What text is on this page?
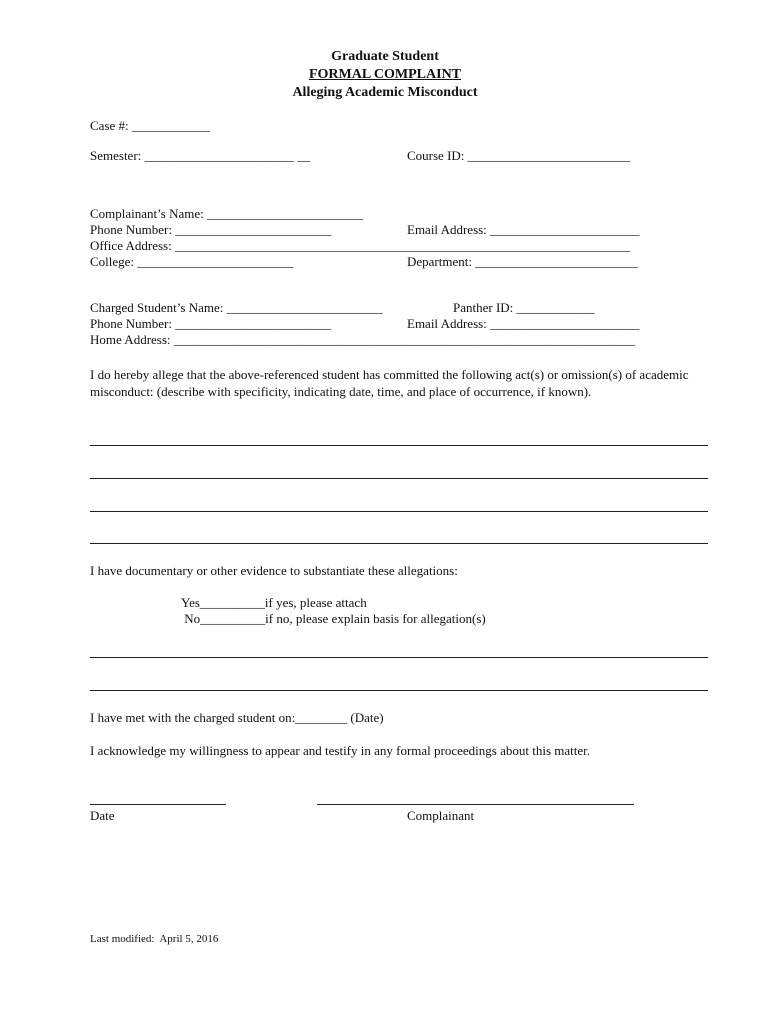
Graduate Student
FORMAL COMPLAINT
Alleging Academic Misconduct
Case #: ____________
Semester: _______________________ __	Course ID: _________________________
Complainant’s Name: ________________________
Phone Number: ________________________	Email Address: _______________________
Office Address: ______________________________________________________________________
College: ________________________	Department: _________________________
Charged Student’s Name: ________________________	Panther ID: ____________
Phone Number: ________________________	Email Address: _______________________
Home Address: _______________________________________________________________________
I do hereby allege that the above-referenced student has committed the following act(s) or omission(s) of academic misconduct: (describe with specificity, indicating date, time, and place of occurrence, if known).
I have documentary or other evidence to substantiate these allegations:
Yes__________if yes, please attach
No__________if no, please explain basis for allegation(s)
I have met with the charged student on:________ (Date)
I acknowledge my willingness to appear and testify in any formal proceedings about this matter.
Date	Complainant
Last modified:  April 5, 2016
